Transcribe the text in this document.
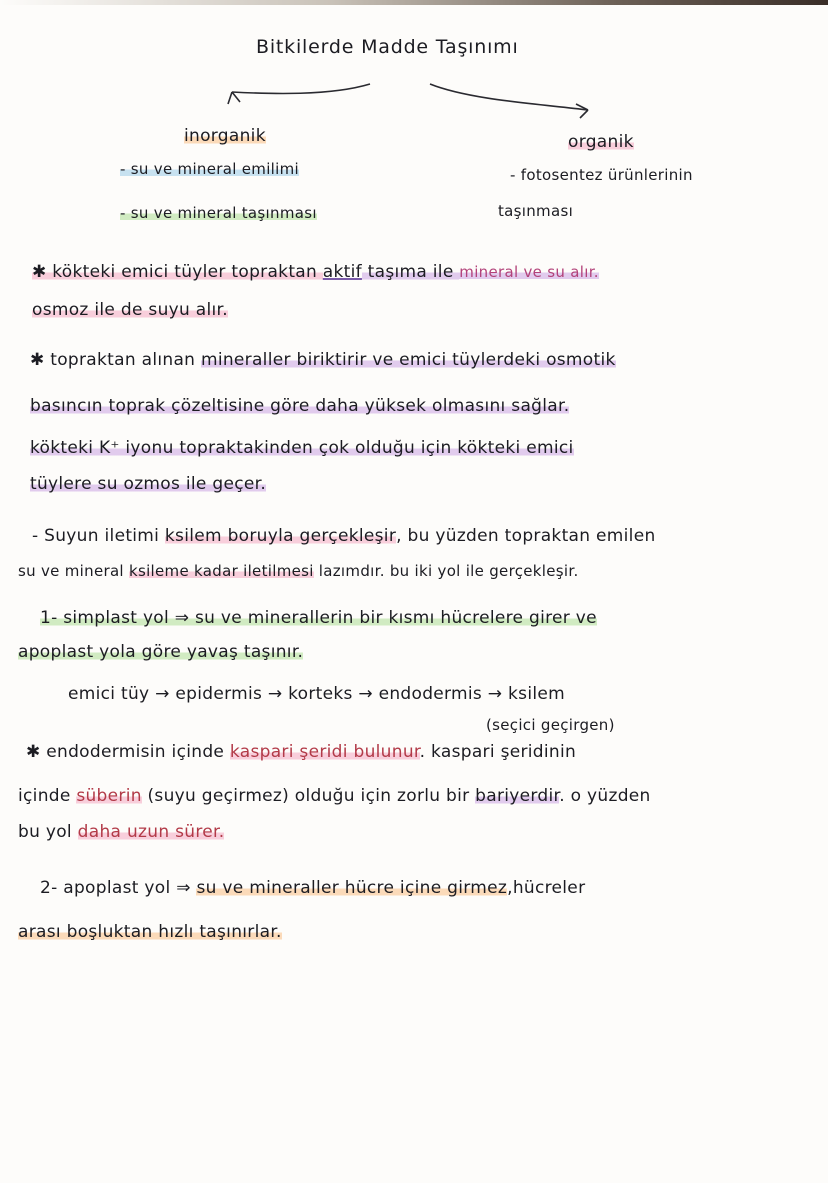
Bitkilerde Madde Taşınımı
inorganik
- su ve mineral emilimi
- su ve mineral taşınması
organik
- fotosentez ürünlerinin
taşınması
✱ kökteki emici tüyler topraktan aktif taşıma ile mineral ve su alır.
osmoz ile de suyu alır.
✱ topraktan alınan mineraller biriktirir ve emici tüylerdeki osmotik
basıncın toprak çözeltisine göre daha yüksek olmasını sağlar.
kökteki K⁺ iyonu topraktakinden çok olduğu için kökteki emici
tüylere su ozmos ile geçer.
- Suyun iletimi ksilem boruyla gerçekleşir, bu yüzden topraktan emilen
su ve mineral ksileme kadar iletilmesi lazımdır. bu iki yol ile gerçekleşir.
1- simplast yol ⇒ su ve minerallerin bir kısmı hücrelere girer ve
apoplast yola göre yavaş taşınır.
emici tüy → epidermis → korteks → endodermis → ksilem
(seçici geçirgen)
✱ endodermisin içinde kaspari şeridi bulunur. kaspari şeridinin
içinde süberin (suyu geçirmez) olduğu için zorlu bir bariyerdir. o yüzden
bu yol daha uzun sürer.
2- apoplast yol ⇒ su ve mineraller hücre içine girmez,hücreler
arası boşluktan hızlı taşınırlar.
